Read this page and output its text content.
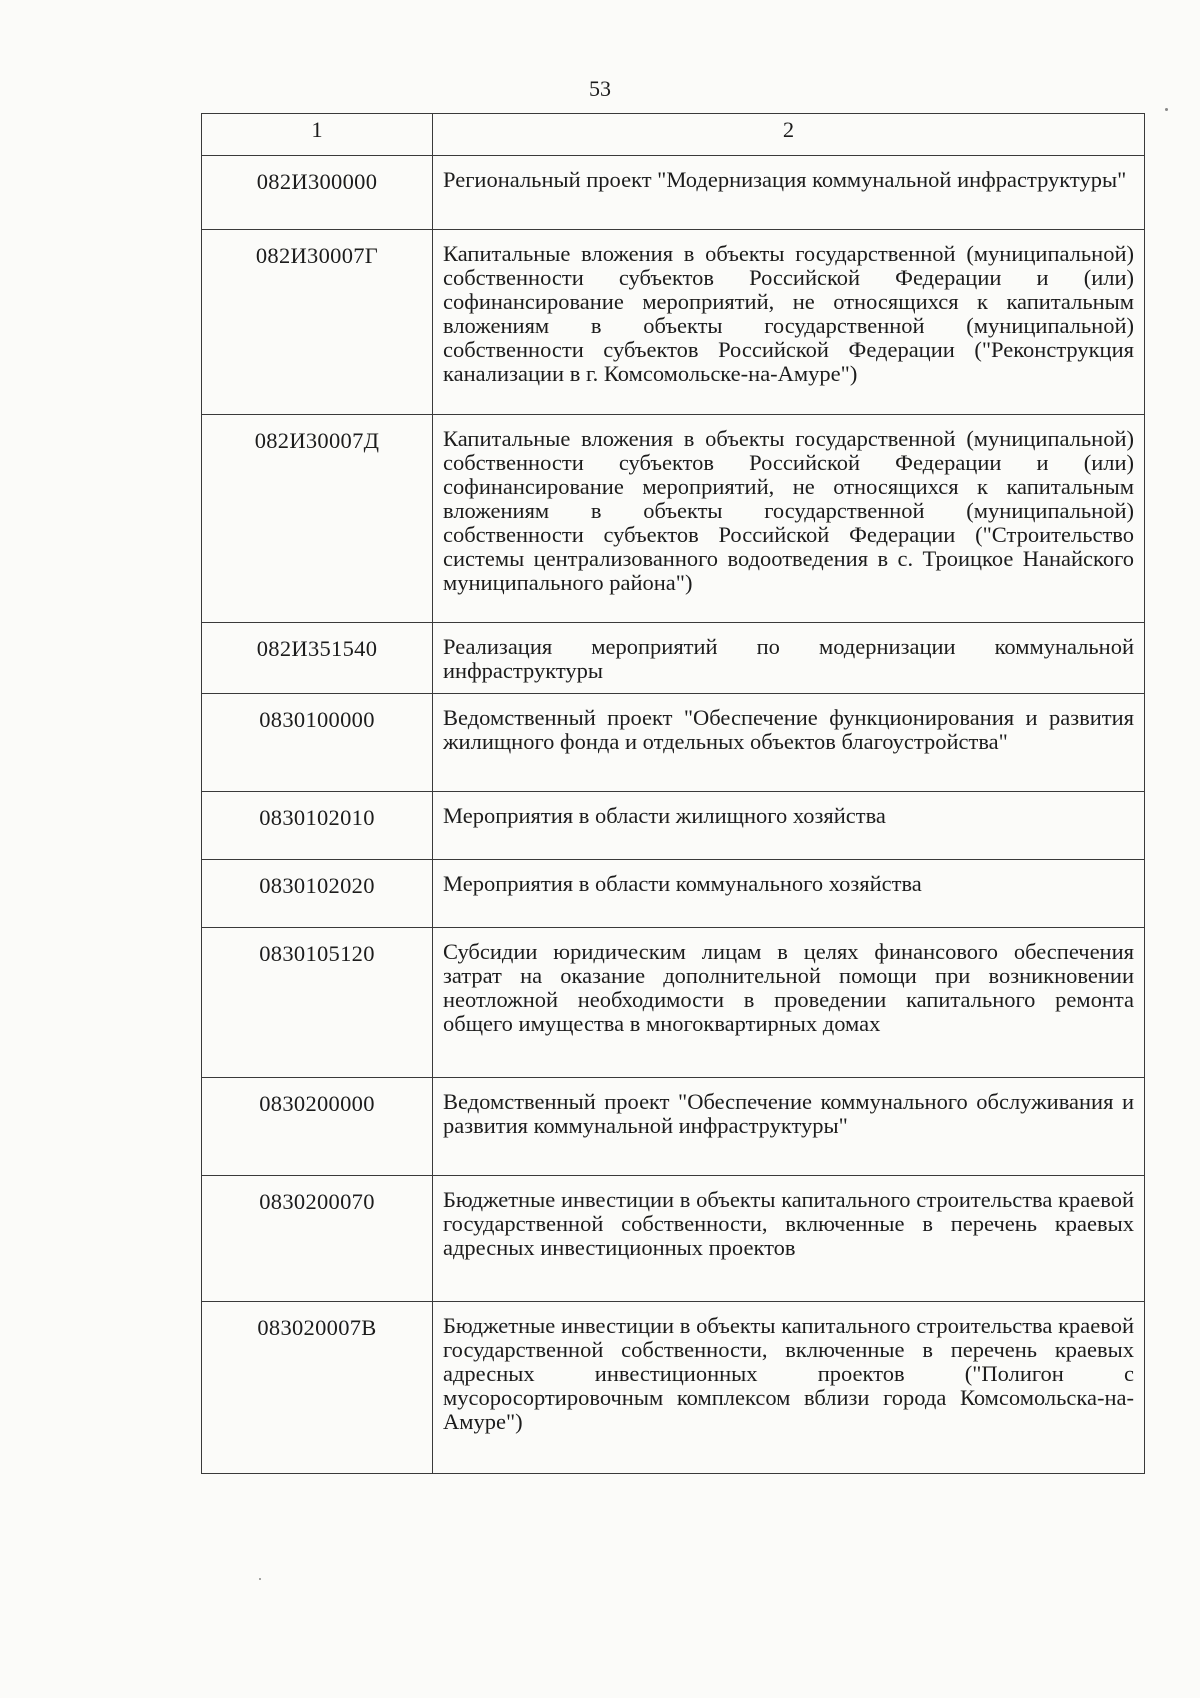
53
1	2
082И300000	Региональный проект "Модернизация коммунальной инфраструктуры"
082И30007Г	Капитальные вложения в объекты государственной (муниципальной) собственности субъектов Российской Федерации и (или) софинансирование мероприятий, не относящихся к капитальным вложениям в объекты государственной (муниципальной) собственности субъектов Российской Федерации ("Реконструкция канализации в г. Комсомольске-на-Амуре")
082И30007Д	Капитальные вложения в объекты государственной (муниципальной) собственности субъектов Российской Федерации и (или) софинансирование мероприятий, не относящихся к капитальным вложениям в объекты государственной (муниципальной) собственности субъектов Российской Федерации ("Строительство системы централизованного водоотведения в с. Троицкое Нанайского муниципального района")
082И351540	Реализация мероприятий по модернизации коммунальной инфраструктуры
0830100000	Ведомственный проект "Обеспечение функционирования и развития жилищного фонда и отдельных объектов благоустройства"
0830102010	Мероприятия в области жилищного хозяйства
0830102020	Мероприятия в области коммунального хозяйства
0830105120	Субсидии юридическим лицам в целях финансового обеспечения затрат на оказание дополнительной помощи при возникновении неотложной необходимости в проведении капитального ремонта общего имущества в многоквартирных домах
0830200000	Ведомственный проект "Обеспечение коммунального обслуживания и развития коммунальной инфраструктуры"
0830200070	Бюджетные инвестиции в объекты капитального строительства краевой государственной собственности, включенные в перечень краевых адресных инвестиционных проектов
083020007В	Бюджетные инвестиции в объекты капитального строительства краевой государственной собственности, включенные в перечень краевых адресных инвестиционных проектов ("Полигон с мусоросортировочным комплексом вблизи города Комсомольска-на-Амуре")
